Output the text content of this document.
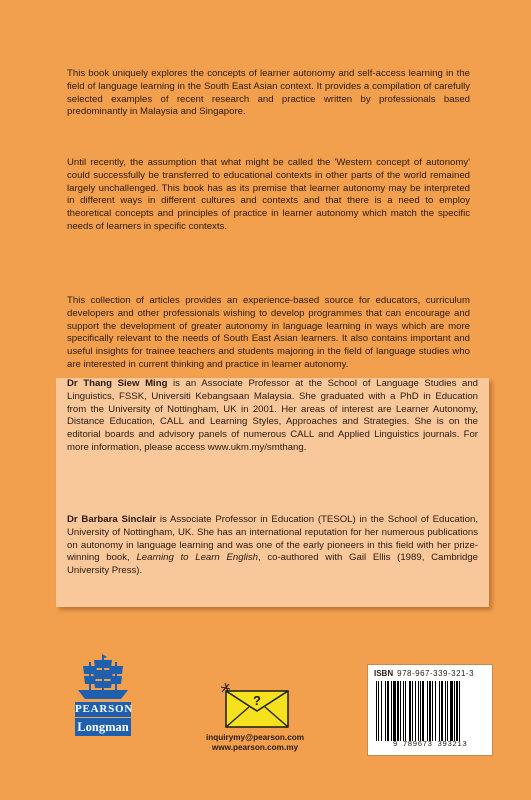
This book uniquely explores the concepts of learner autonomy and self-access learning in the field of language learning in the South East Asian context. It provides a compilation of carefully selected examples of recent research and practice written by professionals based predominantly in Malaysia and Singapore.

Until recently, the assumption that what might be called the 'Western concept of autonomy' could successfully be transferred to educational contexts in other parts of the world remained largely unchallenged. This book has as its premise that learner autonomy may be interpreted in different ways in different cultures and contexts and that there is a need to employ theoretical concepts and principles of practice in learner autonomy which match the specific needs of learners in specific contexts.

This collection of articles provides an experience-based source for educators, curriculum developers and other professionals wishing to develop programmes that can encourage and support the development of greater autonomy in language learning in ways which are more specifically relevant to the needs of South East Asian learners. It also contains important and useful insights for trainee teachers and students majoring in the field of language studies who are interested in current thinking and practice in learner autonomy.

Dr Thang Siew Ming is an Associate Professor at the School of Language Studies and Linguistics, FSSK, Universiti Kebangsaan Malaysia. She graduated with a PhD in Education from the University of Nottingham, UK in 2001. Her areas of interest are Learner Autonomy, Distance Education, CALL and Learning Styles, Approaches and Strategies. She is on the editorial boards and advisory panels of numerous CALL and Applied Linguistics journals. For more information, please access www.ukm.my/smthang.

Dr Barbara Sinclair is Associate Professor in Education (TESOL) in the School of Education, University of Nottingham, UK. She has an international reputation for her numerous publications on autonomy in language learning and was one of the early pioneers in this field with her prize-winning book, Learning to Learn English, co-authored with Gail Ellis (1989, Cambridge University Press).

PEARSON
Longman
?
inquirymy@pearson.com
www.pearson.com.my
ISBN 978-967-339-321-3
9 789673 393213
